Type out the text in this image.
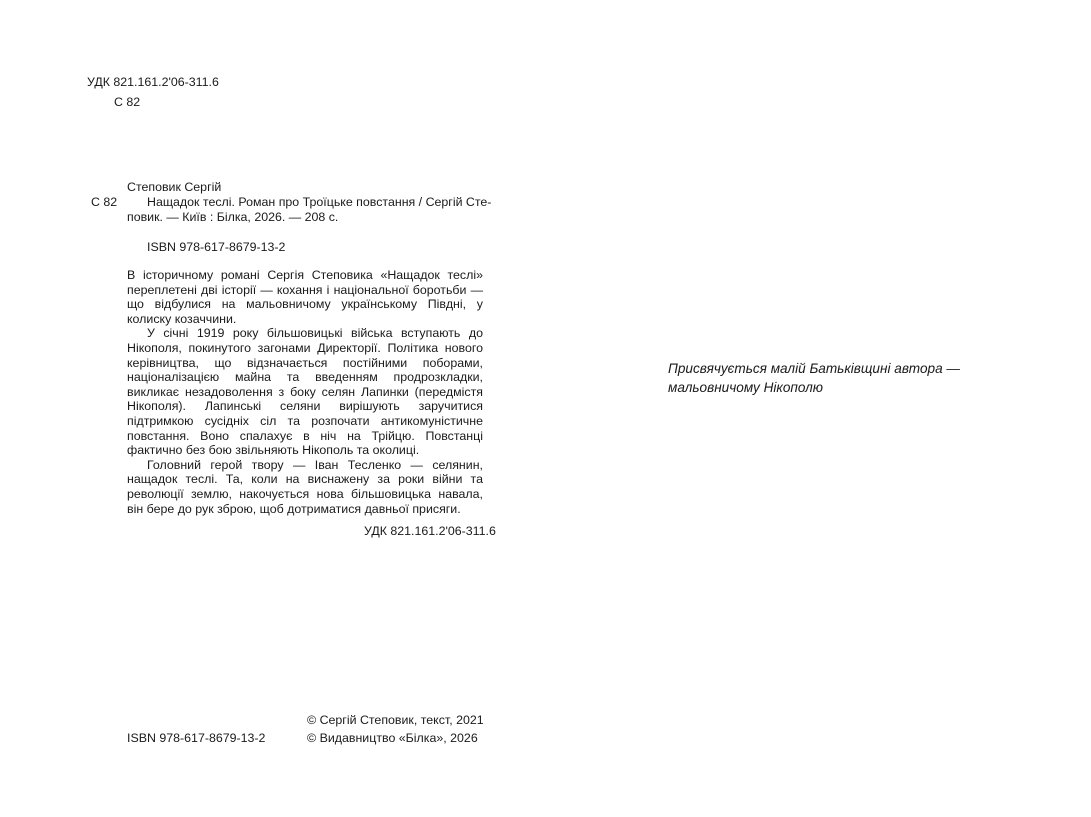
УДК 821.161.2'06-311.6
С 82
Степовик Сергій
С 82 Нащадок теслі. Роман про Троїцьке повстання / Сергій Сте-
повик. — Київ : Білка, 2026. — 208 с.
ISBN 978-617-8679-13-2

В історичному романі Сергія Степовика «Нащадок теслі» переплетені дві історії — кохання і національної боротьби — що відбулися на мальовничому українському Півдні, у колиску козаччини.

У січні 1919 року більшовицькі війська вступають до Нікополя, покинутого загонами Директорії. Політика нового керівництва, що відзначається постійними поборами, націоналізацією майна та введенням продрозкладки, викликає незадоволення з боку селян Лапинки (передмістя Нікополя). Лапинські селяни вирішують заручитися підтримкою сусідніх сіл та розпочати антикомуністичне повстання. Воно спалахує в ніч на Трійцю. Повстанці фактично без бою звільняють Нікополь та околиці.

Головний герой твору — Іван Тесленко — селянин, нащадок теслі. Та, коли на виснажену за роки війни та революції землю, накочується нова більшовицька навала, він бере до рук зброю, щоб дотриматися давньої присяги.

УДК 821.161.2'06-311.6
ISBN 978-617-8679-13-2
© Сергій Степовик, текст, 2021
© Видавництво «Білка», 2026
Присвячується малій Батьківщині автора —
мальовничому Нікополю
